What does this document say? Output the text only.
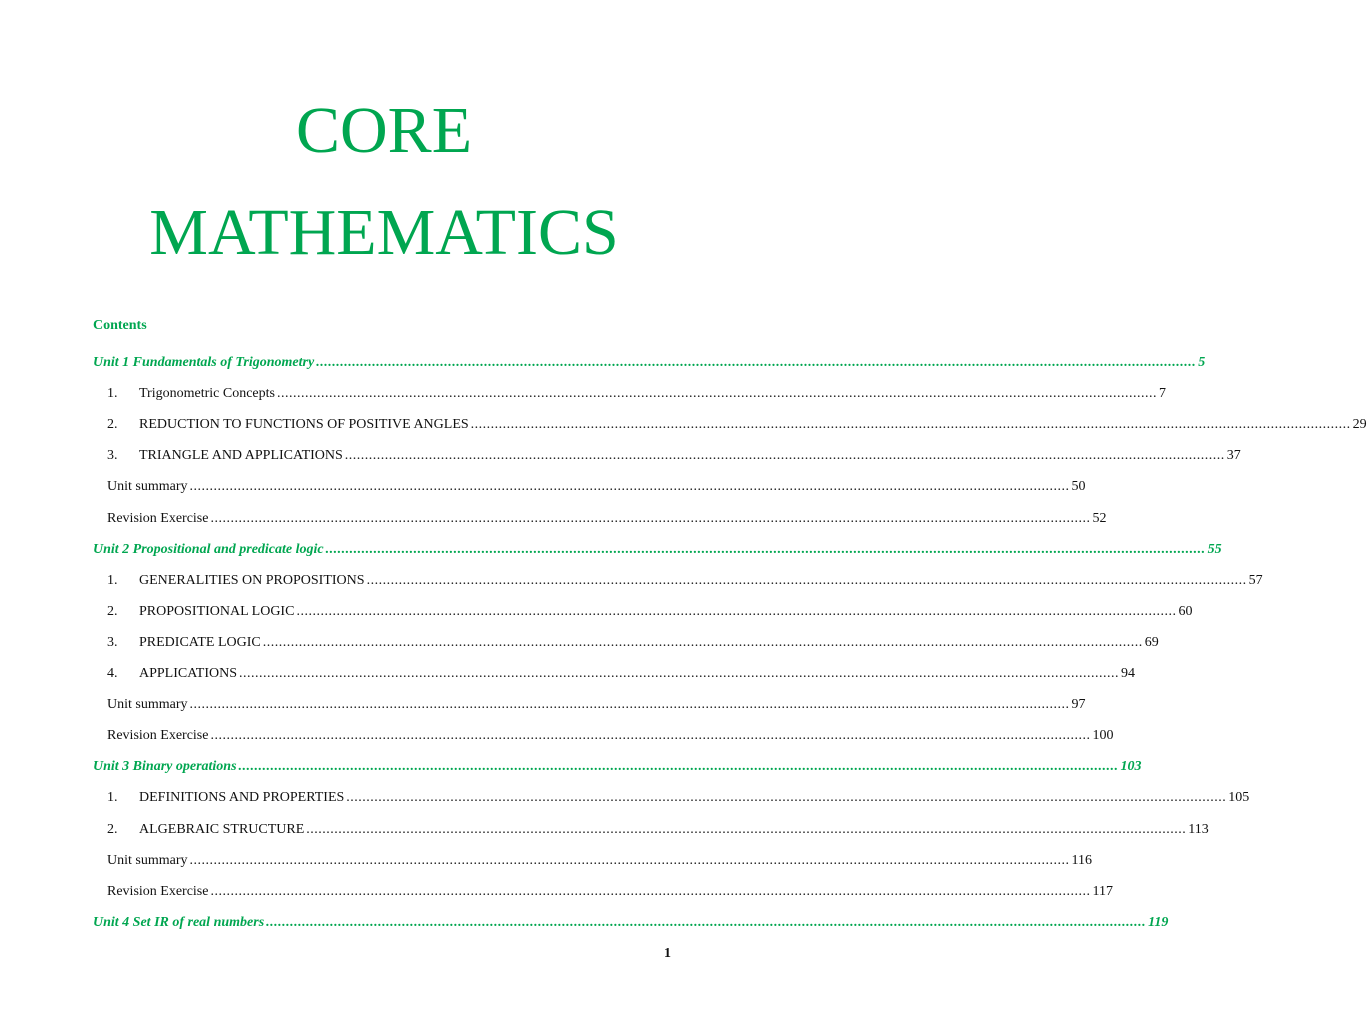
CORE
MATHEMATICS
Contents
Unit 1 Fundamentals of Trigonometry ............................................................................................................................................................................................................................ 5
1.	Trigonometric Concepts ............................................................................................................................................................................................................................ 7
2.	REDUCTION TO FUNCTIONS OF POSITIVE ANGLES ............................................................................................................................................................................................................................ 29
3.	TRIANGLE AND APPLICATIONS ............................................................................................................................................................................................................................ 37
Unit summary ............................................................................................................................................................................................................................ 50
Revision Exercise ............................................................................................................................................................................................................................ 52
Unit 2 Propositional and predicate logic ............................................................................................................................................................................................................................ 55
1.	GENERALITIES ON PROPOSITIONS ............................................................................................................................................................................................................................ 57
2.	PROPOSITIONAL LOGIC ............................................................................................................................................................................................................................ 60
3.	PREDICATE LOGIC ............................................................................................................................................................................................................................ 69
4.	APPLICATIONS ............................................................................................................................................................................................................................ 94
Unit summary ............................................................................................................................................................................................................................ 97
Revision Exercise ............................................................................................................................................................................................................................ 100
Unit 3 Binary operations ............................................................................................................................................................................................................................ 103
1.	DEFINITIONS AND PROPERTIES ............................................................................................................................................................................................................................ 105
2.	ALGEBRAIC STRUCTURE ............................................................................................................................................................................................................................ 113
Unit summary ............................................................................................................................................................................................................................ 116
Revision Exercise ............................................................................................................................................................................................................................ 117
Unit 4 Set IR of real numbers ............................................................................................................................................................................................................................ 119
1
